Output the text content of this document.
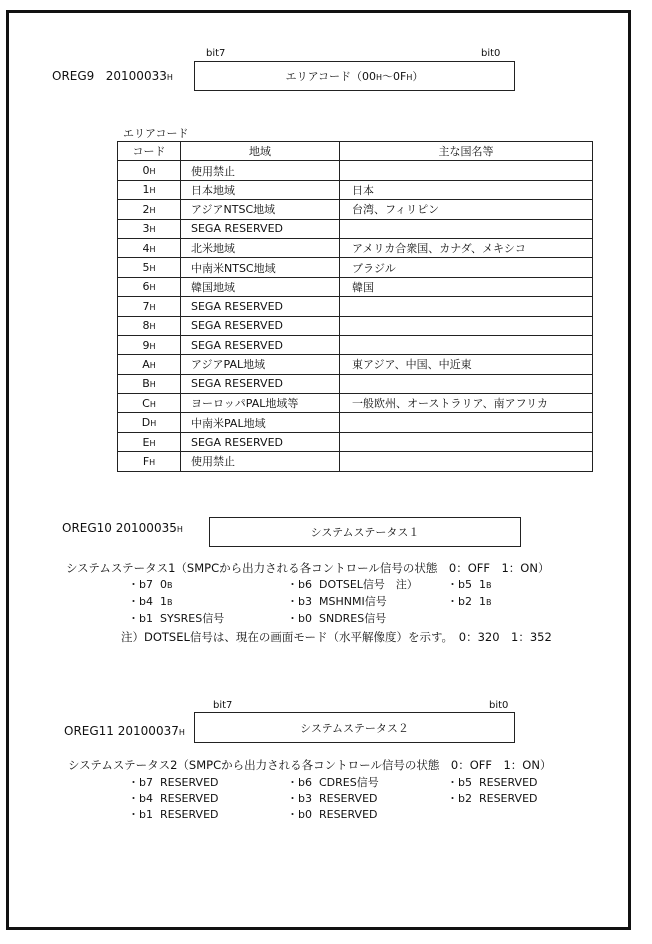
OREG9 20100033H
bit7	bit0
エリアコード（00H〜0FH）
エリアコード
コード	地域	主な国名等
0H	使用禁止	
1H	日本地域	日本
2H	アジアNTSC地域	台湾、フィリピン
3H	SEGA RESERVED	
4H	北米地域	アメリカ合衆国、カナダ、メキシコ
5H	中南米NTSC地域	ブラジル
6H	韓国地域	韓国
7H	SEGA RESERVED	
8H	SEGA RESERVED	
9H	SEGA RESERVED	
AH	アジアPAL地域	東アジア、中国、中近東
BH	SEGA RESERVED	
CH	ヨーロッパPAL地域等	一般欧州、オーストラリア、南アフリカ
DH	中南米PAL地域	
EH	SEGA RESERVED	
FH	使用禁止	
OREG10 20100035H	システムステータス１
システムステータス1（SMPCから出力される各コントロール信号の状態　0：OFF　1：ON）
・b7 0B	・b6 DOTSEL信号　注）	・b5 1B
・b4 1B	・b3 MSHNMI信号	・b2 1B
・b1 SYSRES信号	・b0 SNDRES信号
注）DOTSEL信号は、現在の画面モード（水平解像度）を示す。　0：320　1：352
bit7	bit0
OREG11 20100037H	システムステータス２
システムステータス2（SMPCから出力される各コントロール信号の状態　0：OFF　1：ON）
・b7 RESERVED	・b6 CDRES信号	・b5 RESERVED
・b4 RESERVED	・b3 RESERVED	・b2 RESERVED
・b1 RESERVED	・b0 RESERVED
